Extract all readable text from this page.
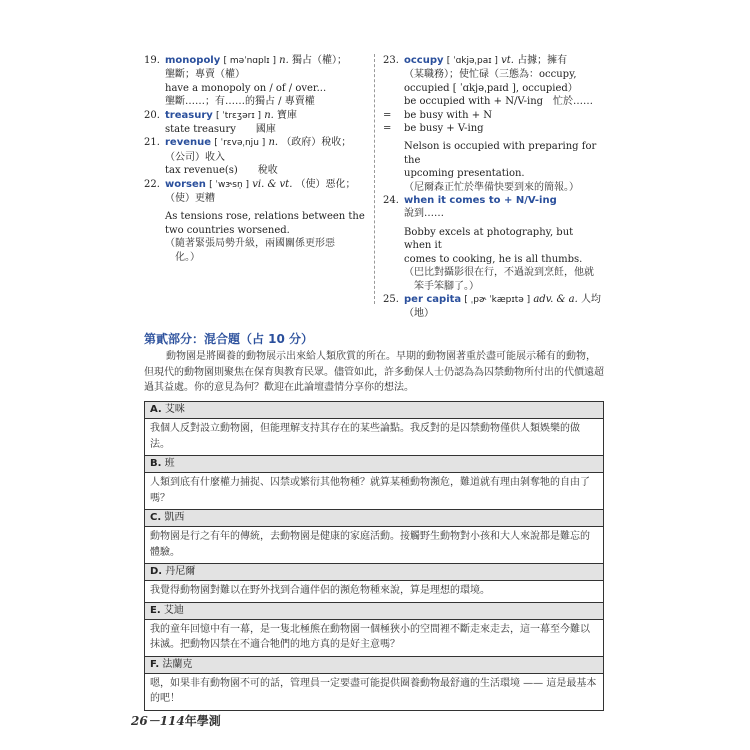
19. monopoly [ məˈnɑplɪ ] n. 獨占（權）；
壟斷；專賣（權）
have a monopoly on / of / over...
壟斷……；有……的獨占 / 專賣權
20. treasury [ ˈtrɛʒərɪ ] n. 寶庫
state treasury　　國庫
21. revenue [ ˈrɛvəˌnju ] n. （政府）稅收；
（公司）收入
tax revenue(s)　　稅收
22. worsen [ ˈwɝsn̩ ] vi. & vt. （使）惡化；
（使）更糟
As tensions rose, relations between the
two countries worsened.
（隨著緊張局勢升級，兩國關係更形惡
　化。）
23. occupy [ ˈɑkjəˌpaɪ ] vt. 占據；擁有
（某職務）；使忙碌（三態為：occupy,
occupied [ ˈɑkjəˌpaɪd ], occupied）
be occupied with + N/V-ing 忙於……
= be busy with + N
= be busy + V-ing
Nelson is occupied with preparing for the
upcoming presentation.
（尼爾森正忙於準備快要到來的簡報。）
24. when it comes to + N/V-ing
說到……
Bobby excels at photography, but when it
comes to cooking, he is all thumbs.
（巴比對攝影很在行，不過說到烹飪，他就
　笨手笨腳了。）
25. per capita [ ˌpɚ ˈkæpɪtə ] adv. & a. 人均
（地）
第貳部分：混合題（占 10 分）
動物園是將圈養的動物展示出來給人類欣賞的所在。早期的動物園著重於盡可能展示稀有的動物，但現代的動物園則聚焦在保育與教育民眾。儘管如此，許多動保人士仍認為為囚禁動物所付出的代價遠超過其益處。你的意見為何？歡迎在此論壇盡情分享你的想法。
A. 艾咪
我個人反對設立動物園，但能理解支持其存在的某些論點。我反對的是囚禁動物僅供人類娛樂的做法。
B. 班
人類到底有什麼權力捕捉、囚禁或繁衍其他物種？就算某種動物瀕危，難道就有理由剝奪牠的自由了嗎？
C. 凱西
動物園是行之有年的傳統，去動物園是健康的家庭活動。接觸野生動物對小孩和大人來說都是難忘的體驗。
D. 丹尼爾
我覺得動物園對難以在野外找到合適伴侶的瀕危物種來說，算是理想的環境。
E. 艾迪
我的童年回憶中有一幕，是一隻北極熊在動物園一個極狹小的空間裡不斷走來走去，這一幕至今難以抹滅。把動物囚禁在不適合牠們的地方真的是好主意嗎？
F. 法蘭克
嗯，如果非有動物園不可的話，管理員一定要盡可能提供圈養動物最舒適的生活環境 —— 這是最基本的吧！
26－114年學測
